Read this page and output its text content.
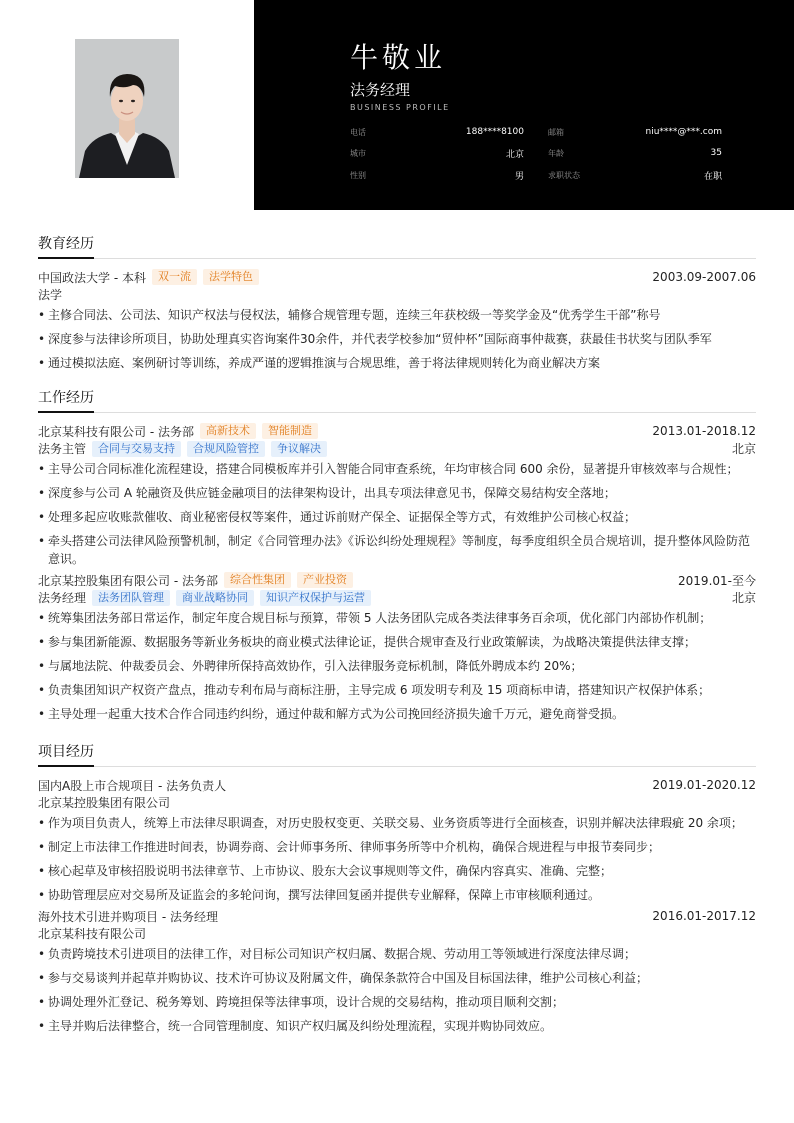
牛敬业
法务经理
BUSINESS PROFILE
电话	188****8100	邮箱	niu****@***.com
城市	北京	年龄	35
性别	男	求职状态	在职
教育经历
中国政法大学 - 本科	双一流	法学特色	2003.09-2007.06
法学
• 主修合同法、公司法、知识产权法与侵权法，辅修合规管理专题，连续三年获校级一等奖学金及“优秀学生干部”称号
• 深度参与法律诊所项目，协助处理真实咨询案件30余件，并代表学校参加“贸仲杯”国际商事仲裁赛，获最佳书状奖与团队季军
• 通过模拟法庭、案例研讨等训练，养成严谨的逻辑推演与合规思维，善于将法律规则转化为商业解决方案
工作经历
北京某科技有限公司 - 法务部	高新技术	智能制造	2013.01-2018.12
法务主管	合同与交易支持	合规风险管控	争议解决	北京
• 主导公司合同标准化流程建设，搭建合同模板库并引入智能合同审查系统，年均审核合同 600 余份，显著提升审核效率与合规性；
• 深度参与公司 A 轮融资及供应链金融项目的法律架构设计，出具专项法律意见书，保障交易结构安全落地；
• 处理多起应收账款催收、商业秘密侵权等案件，通过诉前财产保全、证据保全等方式，有效维护公司核心权益；
• 牵头搭建公司法律风险预警机制，制定《合同管理办法》《诉讼纠纷处理规程》等制度，每季度组织全员合规培训，提升整体风险防范意识。
北京某控股集团有限公司 - 法务部	综合性集团	产业投资	2019.01-至今
法务经理	法务团队管理	商业战略协同	知识产权保护与运营	北京
• 统筹集团法务部日常运作，制定年度合规目标与预算，带领 5 人法务团队完成各类法律事务百余项，优化部门内部协作机制；
• 参与集团新能源、数据服务等新业务板块的商业模式法律论证，提供合规审查及行业政策解读，为战略决策提供法律支撑；
• 与属地法院、仲裁委员会、外聘律所保持高效协作，引入法律服务竞标机制，降低外聘成本约 20%；
• 负责集团知识产权资产盘点，推动专利布局与商标注册，主导完成 6 项发明专利及 15 项商标申请，搭建知识产权保护体系；
• 主导处理一起重大技术合作合同违约纠纷，通过仲裁和解方式为公司挽回经济损失逾千万元，避免商誉受损。
项目经历
国内A股上市合规项目 - 法务负责人	2019.01-2020.12
北京某控股集团有限公司
• 作为项目负责人，统筹上市法律尽职调查，对历史股权变更、关联交易、业务资质等进行全面核查，识别并解决法律瑕疵 20 余项；
• 制定上市法律工作推进时间表，协调券商、会计师事务所、律师事务所等中介机构，确保合规进程与申报节奏同步；
• 核心起草及审核招股说明书法律章节、上市协议、股东大会议事规则等文件，确保内容真实、准确、完整；
• 协助管理层应对交易所及证监会的多轮问询，撰写法律回复函并提供专业解释，保障上市审核顺利通过。
海外技术引进并购项目 - 法务经理	2016.01-2017.12
北京某科技有限公司
• 负责跨境技术引进项目的法律工作，对目标公司知识产权归属、数据合规、劳动用工等领域进行深度法律尽调；
• 参与交易谈判并起草并购协议、技术许可协议及附属文件，确保条款符合中国及目标国法律，维护公司核心利益；
• 协调处理外汇登记、税务筹划、跨境担保等法律事项，设计合规的交易结构，推动项目顺利交割；
• 主导并购后法律整合，统一合同管理制度、知识产权归属及纠纷处理流程，实现并购协同效应。
